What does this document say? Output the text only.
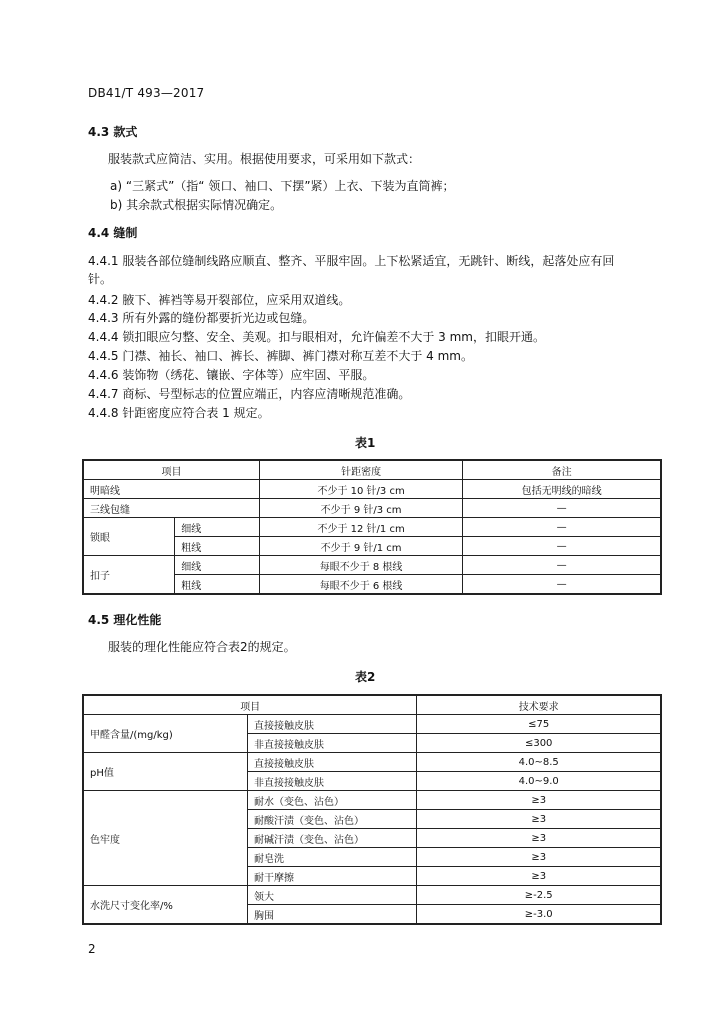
DB41/T 493—2017
4.3 款式
服装款式应简洁、实用。根据使用要求，可采用如下款式：
a) “三紧式”（指“ 领口、袖口、下摆”紧）上衣、下装为直筒裤；
b) 其余款式根据实际情况确定。
4.4 缝制
4.4.1 服装各部位缝制线路应顺直、整齐、平服牢固。上下松紧适宜，无跳针、断线，起落处应有回
针。
4.4.2 腋下、裤裆等易开裂部位，应采用双道线。
4.4.3 所有外露的缝份都要折光边或包缝。
4.4.4 锁扣眼应匀整、安全、美观。扣与眼相对，允许偏差不大于 3 mm，扣眼开通。
4.4.5 门襟、袖长、袖口、裤长、裤脚、裤门襟对称互差不大于 4 mm。
4.4.6 装饰物（绣花、镶嵌、字体等）应牢固、平服。
4.4.7 商标、号型标志的位置应端正，内容应清晰规范准确。
4.4.8 针距密度应符合表 1 规定。
表1
项目		针距密度	备注
明暗线		不少于 10 针/3 cm	包括无明线的暗线
三线包缝		不少于 9 针/3 cm	—
锁眼	细线	不少于 12 针/1 cm	—
	粗线	不少于 9 针/1 cm	—
扣子	细线	每眼不少于 8 根线	—
	粗线	每眼不少于 6 根线	—
4.5 理化性能
服装的理化性能应符合表2的规定。
表2
项目		技术要求
甲醛含量/(mg/kg)	直接接触皮肤	≤75
	非直接接触皮肤	≤300
pH值	直接接触皮肤	4.0~8.5
	非直接接触皮肤	4.0~9.0
色牢度	耐水（变色、沾色）	≥3
	耐酸汗渍（变色、沾色）	≥3
	耐碱汗渍（变色、沾色）	≥3
	耐皂洗	≥3
	耐干摩擦	≥3
水洗尺寸变化率/%	领大	≥-2.5
	胸围	≥-3.0
2
